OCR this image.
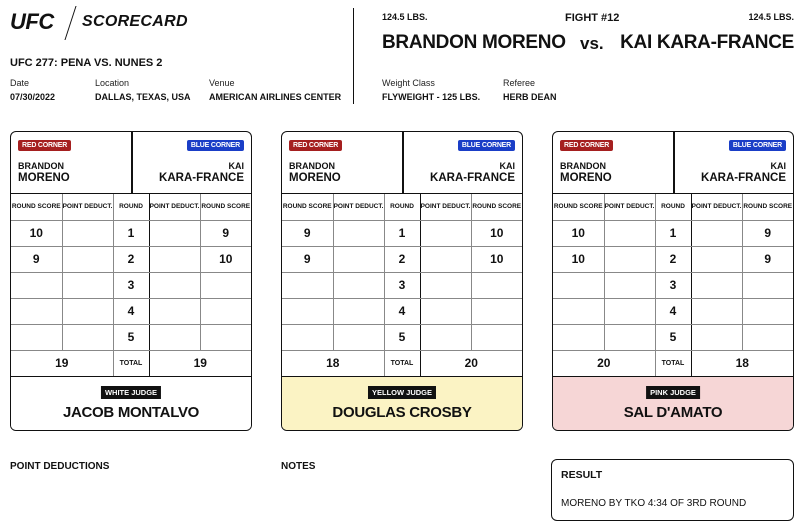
UFC SCORECARD
UFC 277: PENA VS. NUNES 2
Date
07/30/2022
Location
DALLAS, TEXAS, USA
Venue
AMERICAN AIRLINES CENTER
124.5 LBS.	FIGHT #12	124.5 LBS.
BRANDON MORENO vs. KAI KARA-FRANCE
Weight Class
FLYWEIGHT - 125 LBS.
Referee
HERB DEAN
RED CORNER	BLUE CORNER
BRANDON
MORENO
KAI
KARA-FRANCE
ROUND SCORE	POINT DEDUCT.	ROUND	POINT DEDUCT.	ROUND SCORE
10		1		9
9		2		10
		3		
		4		
		5		
19		TOTAL	19	
WHITE JUDGE
JACOB MONTALVO
RED CORNER	BLUE CORNER
BRANDON
MORENO
KAI
KARA-FRANCE
ROUND SCORE	POINT DEDUCT.	ROUND	POINT DEDUCT.	ROUND SCORE
9		1		10
9		2		10
		3		
		4		
		5		
18		TOTAL	20	
YELLOW JUDGE
DOUGLAS CROSBY
RED CORNER	BLUE CORNER
BRANDON
MORENO
KAI
KARA-FRANCE
ROUND SCORE	POINT DEDUCT.	ROUND	POINT DEDUCT.	ROUND SCORE
10		1		9
10		2		9
		3		
		4		
		5		
20		TOTAL	18	
PINK JUDGE
SAL D'AMATO
POINT DEDUCTIONS	NOTES
RESULT
MORENO BY TKO 4:34 OF 3RD ROUND
